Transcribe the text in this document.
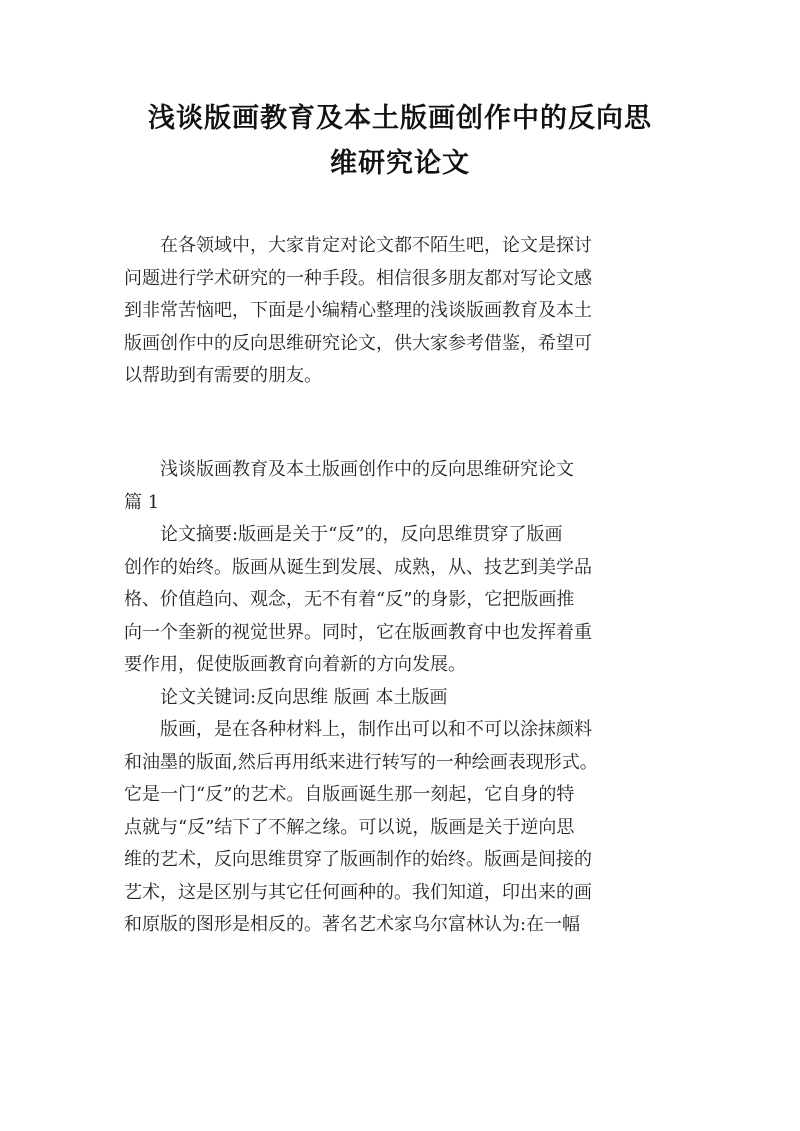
浅谈版画教育及本土版画创作中的反向思
维研究论文
　　在各领域中，大家肯定对论文都不陌生吧，论文是探讨
问题进行学术研究的一种手段。相信很多朋友都对写论文感
到非常苦恼吧，下面是小编精心整理的浅谈版画教育及本土
版画创作中的反向思维研究论文，供大家参考借鉴，希望可
以帮助到有需要的朋友。
　　浅谈版画教育及本土版画创作中的反向思维研究论文
篇 1
　　论文摘要:版画是关于“反”的，反向思维贯穿了版画
创作的始终。版画从诞生到发展、成熟，从、技艺到美学品
格、价值趋向、观念，无不有着“反”的身影，它把版画推
向一个奎新的视觉世界。同时，它在版画教育中也发挥着重
要作用，促使版画教育向着新的方向发展。
　　论文关键词:反向思维 版画 本土版画
　　版画，是在各种材料上，制作出可以和不可以涂抹颜料
和油墨的版面,然后再用纸来进行转写的一种绘画表现形式。
它是一门“反”的艺术。自版画诞生那一刻起，它自身的特
点就与“反”结下了不解之缘。可以说，版画是关于逆向思
维的艺术，反向思维贯穿了版画制作的始终。版画是间接的
艺术，这是区别与其它任何画种的。我们知道，印出来的画
和原版的图形是相反的。著名艺术家乌尔富林认为:在一幅
